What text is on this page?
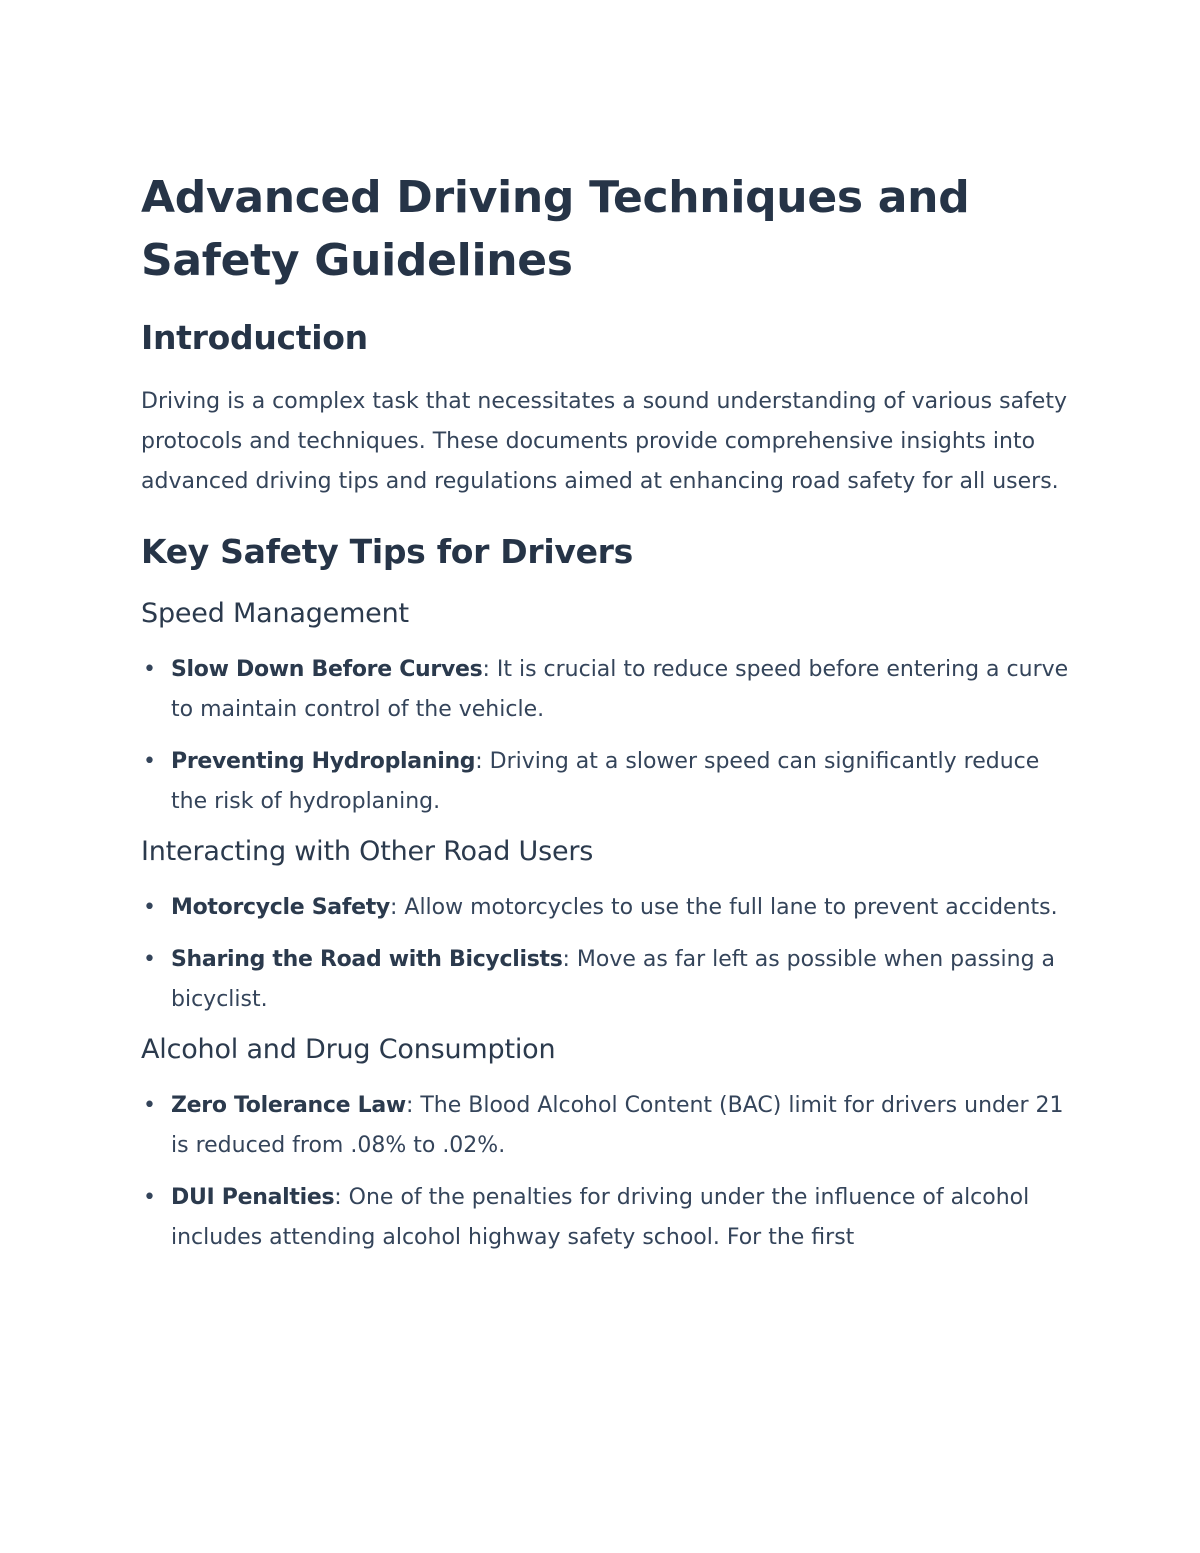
Advanced Driving Techniques and Safety Guidelines
Introduction

Driving is a complex task that necessitates a sound understanding of various safety protocols and techniques. These documents provide comprehensive insights into advanced driving tips and regulations aimed at enhancing road safety for all users.

Key Safety Tips for Drivers
Speed Management
• Slow Down Before Curves: It is crucial to reduce speed before entering a curve to maintain control of the vehicle.
• Preventing Hydroplaning: Driving at a slower speed can significantly reduce the risk of hydroplaning.
Interacting with Other Road Users
• Motorcycle Safety: Allow motorcycles to use the full lane to prevent accidents.
• Sharing the Road with Bicyclists: Move as far left as possible when passing a bicyclist.
Alcohol and Drug Consumption
• Zero Tolerance Law: The Blood Alcohol Content (BAC) limit for drivers under 21 is reduced from .08% to .02%.
• DUI Penalties: One of the penalties for driving under the influence of alcohol includes attending alcohol highway safety school. For the first
